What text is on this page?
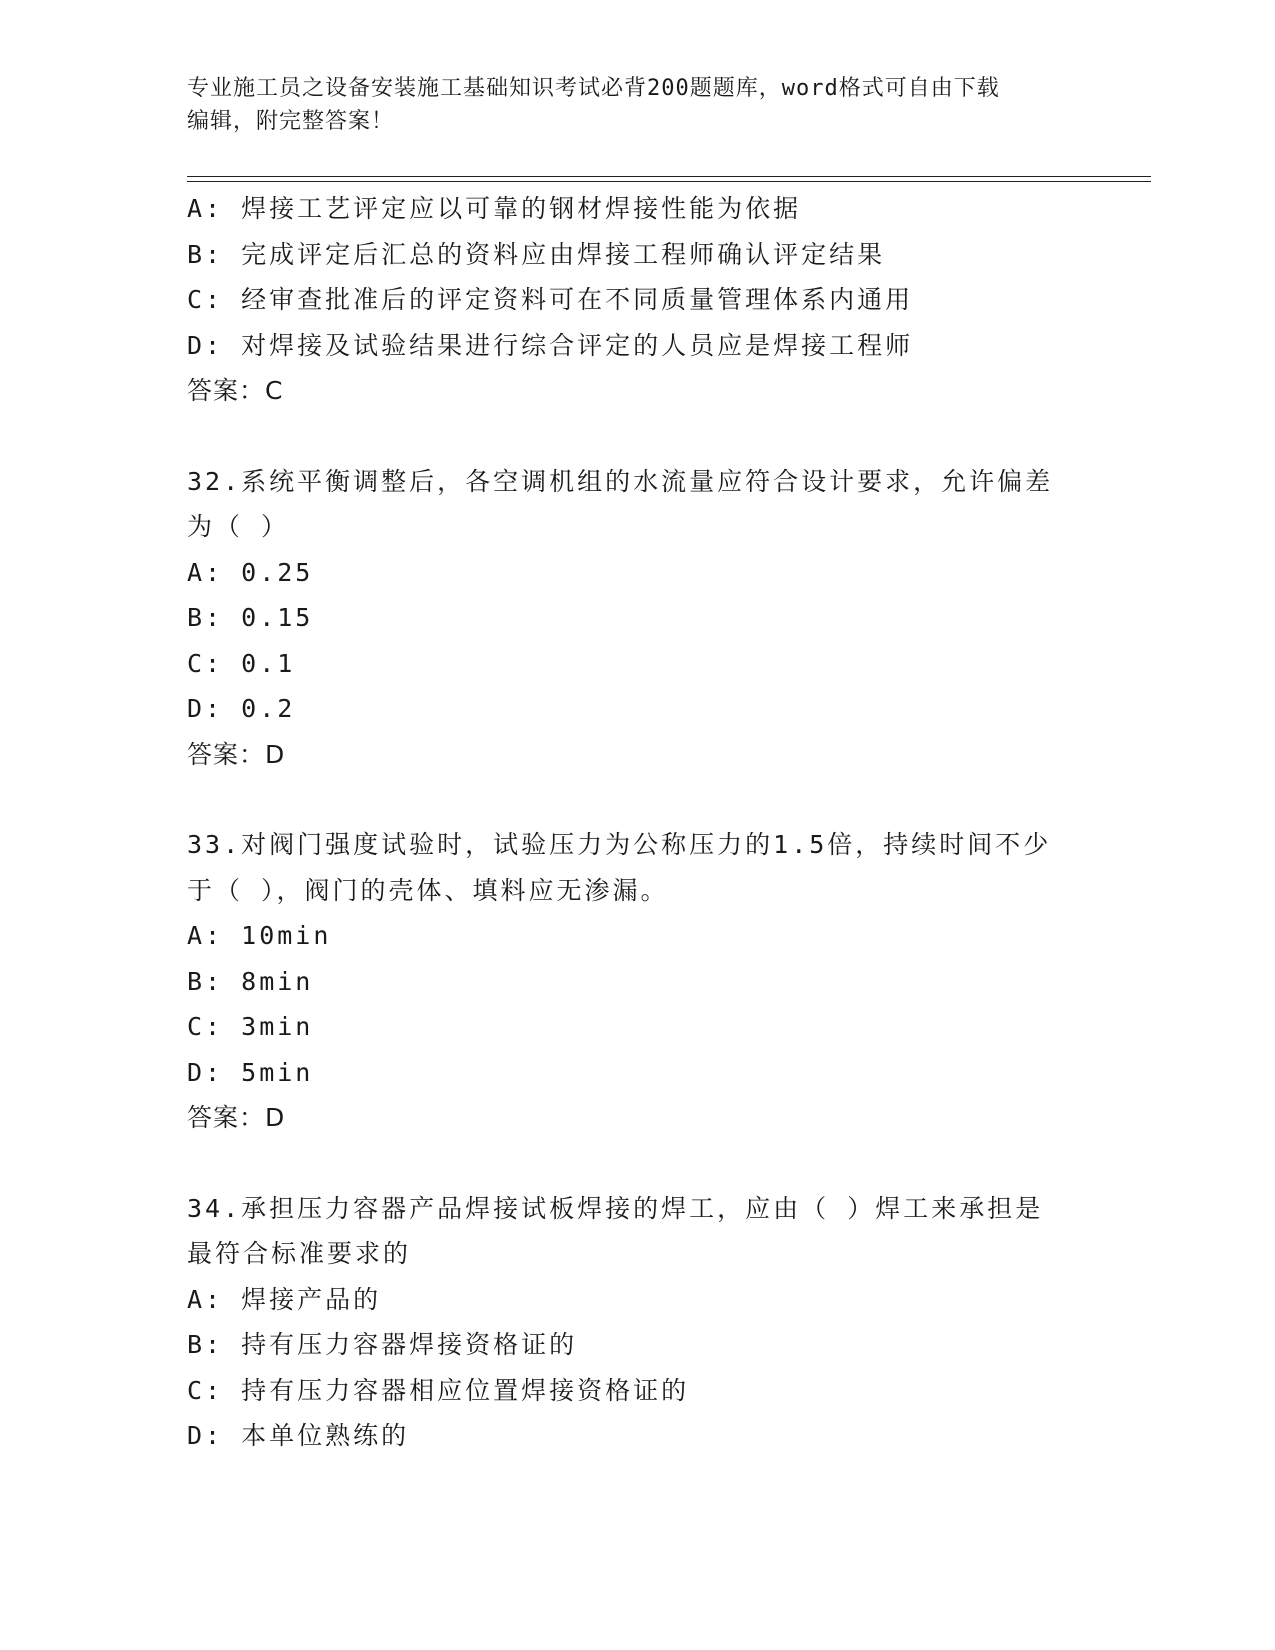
专业施工员之设备安装施工基础知识考试必背200题题库，word格式可自由下载
编辑，附完整答案！
A: 焊接工艺评定应以可靠的钢材焊接性能为依据
B: 完成评定后汇总的资料应由焊接工程师确认评定结果
C: 经审查批准后的评定资料可在不同质量管理体系内通用
D: 对焊接及试验结果进行综合评定的人员应是焊接工程师
答案：C
32.系统平衡调整后，各空调机组的水流量应符合设计要求，允许偏差
为（ ）
A: 0.25
B: 0.15
C: 0.1
D: 0.2
答案：D
33.对阀门强度试验时，试验压力为公称压力的1.5倍，持续时间不少
于（ ），阀门的壳体、填料应无渗漏。
A: 10min
B: 8min
C: 3min
D: 5min
答案：D
34.承担压力容器产品焊接试板焊接的焊工，应由（ ）焊工来承担是
最符合标准要求的
A: 焊接产品的
B: 持有压力容器焊接资格证的
C: 持有压力容器相应位置焊接资格证的
D: 本单位熟练的
